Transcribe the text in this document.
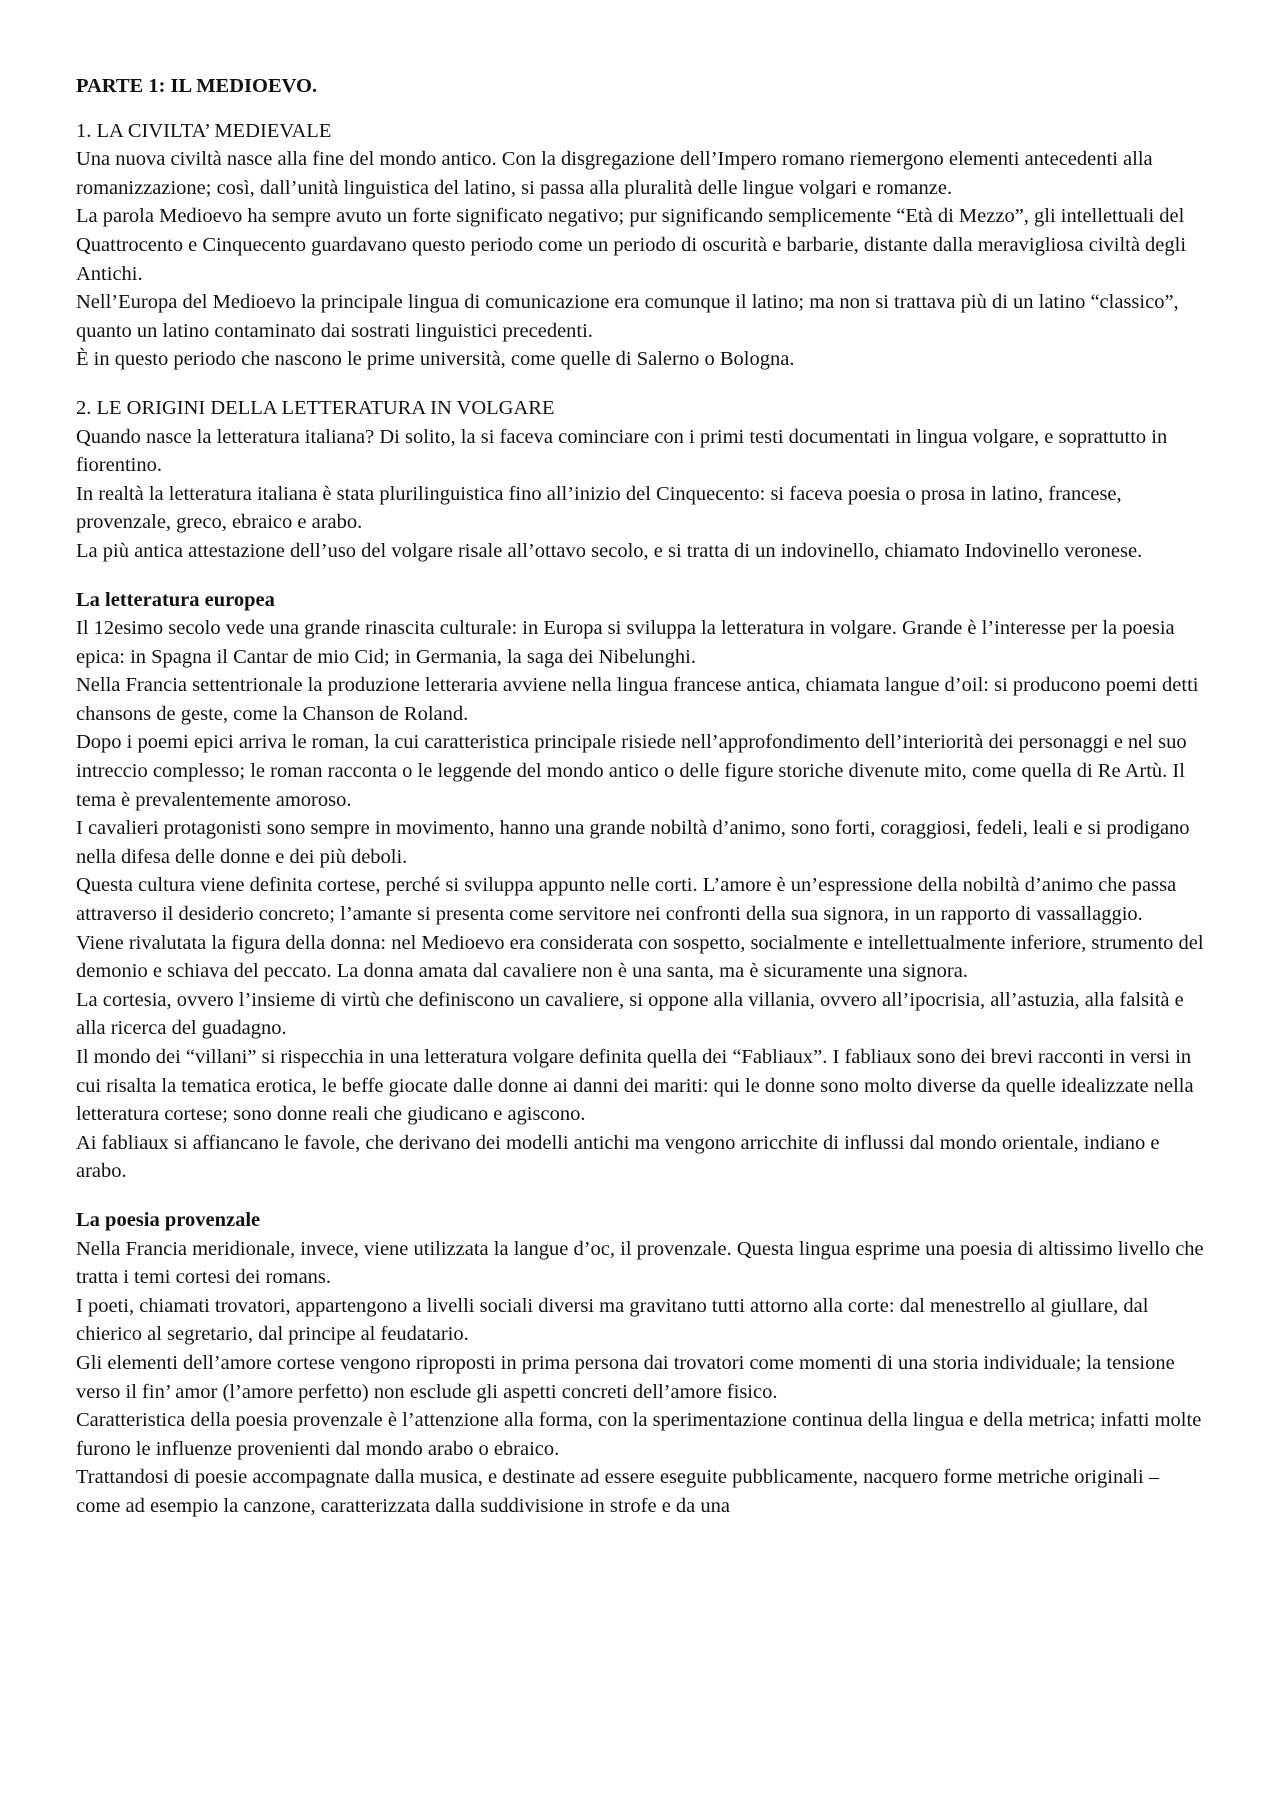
PARTE 1: IL MEDIOEVO.
1. LA CIVILTA’ MEDIEVALE

Una nuova civiltà nasce alla fine del mondo antico. Con la disgregazione dell’Impero romano riemergono elementi antecedenti alla romanizzazione; così, dall’unità linguistica del latino, si passa alla pluralità delle lingue volgari e romanze.

La parola Medioevo ha sempre avuto un forte significato negativo; pur significando semplicemente “Età di Mezzo”, gli intellettuali del Quattrocento e Cinquecento guardavano questo periodo come un periodo di oscurità e barbarie, distante dalla meravigliosa civiltà degli Antichi.

Nell’Europa del Medioevo la principale lingua di comunicazione era comunque il latino; ma non si trattava più di un latino “classico”, quanto un latino contaminato dai sostrati linguistici precedenti.

È in questo periodo che nascono le prime università, come quelle di Salerno o Bologna.

2. LE ORIGINI DELLA LETTERATURA IN VOLGARE

Quando nasce la letteratura italiana? Di solito, la si faceva cominciare con i primi testi documentati in lingua volgare, e soprattutto in fiorentino.

In realtà la letteratura italiana è stata plurilinguistica fino all’inizio del Cinquecento: si faceva poesia o prosa in latino, francese, provenzale, greco, ebraico e arabo.

La più antica attestazione dell’uso del volgare risale all’ottavo secolo, e si tratta di un indovinello, chiamato Indovinello veronese.

La letteratura europea

Il 12esimo secolo vede una grande rinascita culturale: in Europa si sviluppa la letteratura in volgare. Grande è l’interesse per la poesia epica: in Spagna il Cantar de mio Cid; in Germania, la saga dei Nibelunghi.

Nella Francia settentrionale la produzione letteraria avviene nella lingua francese antica, chiamata langue d’oil: si producono poemi detti chansons de geste, come la Chanson de Roland.

Dopo i poemi epici arriva le roman, la cui caratteristica principale risiede nell’approfondimento dell’interiorità dei personaggi e nel suo intreccio complesso; le roman racconta o le leggende del mondo antico o delle figure storiche divenute mito, come quella di Re Artù. Il tema è prevalentemente amoroso.

I cavalieri protagonisti sono sempre in movimento, hanno una grande nobiltà d’animo, sono forti, coraggiosi, fedeli, leali e si prodigano nella difesa delle donne e dei più deboli.

Questa cultura viene definita cortese, perché si sviluppa appunto nelle corti. L’amore è un’espressione della nobiltà d’animo che passa attraverso il desiderio concreto; l’amante si presenta come servitore nei confronti della sua signora, in un rapporto di vassallaggio.

Viene rivalutata la figura della donna: nel Medioevo era considerata con sospetto, socialmente e intellettualmente inferiore, strumento del demonio e schiava del peccato. La donna amata dal cavaliere non è una santa, ma è sicuramente una signora.

La cortesia, ovvero l’insieme di virtù che definiscono un cavaliere, si oppone alla villania, ovvero all’ipocrisia, all’astuzia, alla falsità e alla ricerca del guadagno.

Il mondo dei “villani” si rispecchia in una letteratura volgare definita quella dei “Fabliaux”. I fabliaux sono dei brevi racconti in versi in cui risalta la tematica erotica, le beffe giocate dalle donne ai danni dei mariti: qui le donne sono molto diverse da quelle idealizzate nella letteratura cortese; sono donne reali che giudicano e agiscono.

Ai fabliaux si affiancano le favole, che derivano dei modelli antichi ma vengono arricchite di influssi dal mondo orientale, indiano e arabo.

La poesia provenzale

Nella Francia meridionale, invece, viene utilizzata la langue d’oc, il provenzale. Questa lingua esprime una poesia di altissimo livello che tratta i temi cortesi dei romans.

I poeti, chiamati trovatori, appartengono a livelli sociali diversi ma gravitano tutti attorno alla corte: dal menestrello al giullare, dal chierico al segretario, dal principe al feudatario.

Gli elementi dell’amore cortese vengono riproposti in prima persona dai trovatori come momenti di una storia individuale; la tensione verso il fin’ amor (l’amore perfetto) non esclude gli aspetti concreti dell’amore fisico.

Caratteristica della poesia provenzale è l’attenzione alla forma, con la sperimentazione continua della lingua e della metrica; infatti molte furono le influenze provenienti dal mondo arabo o ebraico.

Trattandosi di poesie accompagnate dalla musica, e destinate ad essere eseguite pubblicamente, nacquero forme metriche originali – come ad esempio la canzone, caratterizzata dalla suddivisione in strofe e da una
